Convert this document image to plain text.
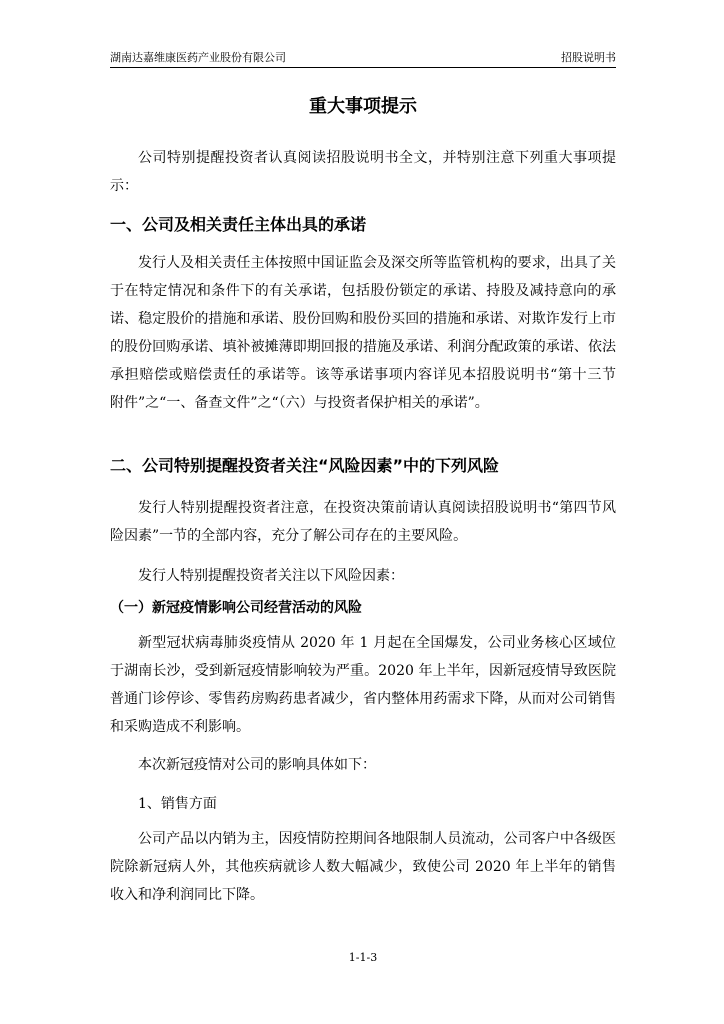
湖南达嘉维康医药产业股份有限公司	招股说明书
重大事项提示
公司特别提醒投资者认真阅读招股说明书全文，并特别注意下列重大事项提示：
一、公司及相关责任主体出具的承诺
发行人及相关责任主体按照中国证监会及深交所等监管机构的要求，出具了关于在特定情况和条件下的有关承诺，包括股份锁定的承诺、持股及减持意向的承诺、稳定股价的措施和承诺、股份回购和股份买回的措施和承诺、对欺诈发行上市的股份回购承诺、填补被摊薄即期回报的措施及承诺、利润分配政策的承诺、依法承担赔偿或赔偿责任的承诺等。该等承诺事项内容详见本招股说明书“第十三节　附件”之“一、备查文件”之“（六）与投资者保护相关的承诺”。
二、公司特别提醒投资者关注“风险因素”中的下列风险
发行人特别提醒投资者注意，在投资决策前请认真阅读招股说明书“第四节风险因素”一节的全部内容，充分了解公司存在的主要风险。
发行人特别提醒投资者关注以下风险因素：
（一）新冠疫情影响公司经营活动的风险
新型冠状病毒肺炎疫情从 2020 年 1 月起在全国爆发，公司业务核心区域位于湖南长沙，受到新冠疫情影响较为严重。2020 年上半年，因新冠疫情导致医院普通门诊停诊、零售药房购药患者减少，省内整体用药需求下降，从而对公司销售和采购造成不利影响。
本次新冠疫情对公司的影响具体如下：
1、销售方面
公司产品以内销为主，因疫情防控期间各地限制人员流动，公司客户中各级医院除新冠病人外，其他疾病就诊人数大幅减少，致使公司 2020 年上半年的销售收入和净利润同比下降。
1-1-3
